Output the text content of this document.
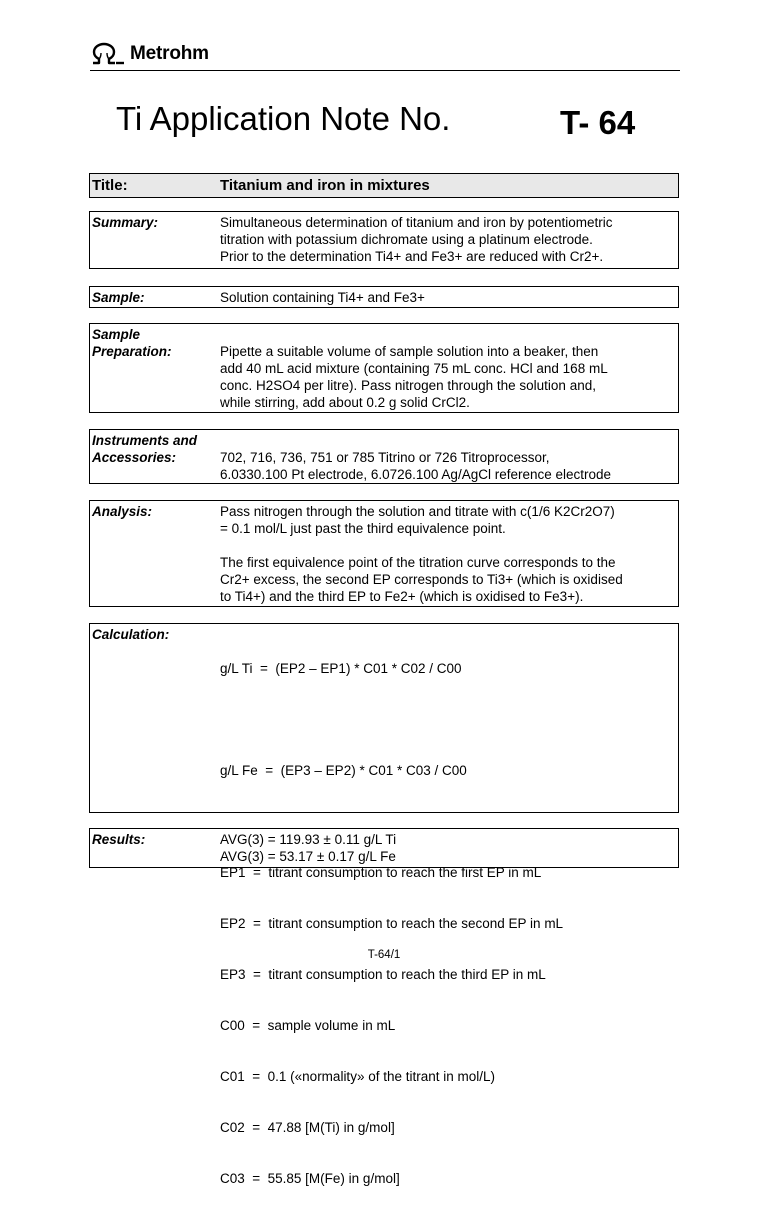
Metrohm
Ti Application Note No.	T- 64
Title:	Titanium and iron in mixtures
Summary:	Simultaneous determination of titanium and iron by potentiometric
titration with potassium dichromate using a platinum electrode.
Prior to the determination Ti4+ and Fe3+ are reduced with Cr2+.
Sample:	Solution containing Ti4+ and Fe3+
Sample
Preparation:	Pipette a suitable volume of sample solution into a beaker, then
add 40 mL acid mixture (containing 75 mL conc. HCl and 168 mL
conc. H2SO4 per litre). Pass nitrogen through the solution and,
while stirring, add about 0.2 g solid CrCl2.
Instruments and
Accessories:	702, 716, 736, 751 or 785 Titrino or 726 Titroprocessor,
6.0330.100 Pt electrode, 6.0726.100 Ag/AgCl reference electrode
Analysis:	Pass nitrogen through the solution and titrate with c(1/6 K2Cr2O7)
= 0.1 mol/L just past the third equivalence point.
The first equivalence point of the titration curve corresponds to the
Cr2+ excess, the second EP corresponds to Ti3+ (which is oxidised
to Ti4+) and the third EP to Fe2+ (which is oxidised to Fe3+).
Calculation:

g/L Ti  =  (EP2 – EP1) * C01 * C02 / C00

g/L Fe  =  (EP3 – EP2) * C01 * C03 / C00

EP1  =  titrant consumption to reach the first EP in mL

EP2  =  titrant consumption to reach the second EP in mL

EP3  =  titrant consumption to reach the third EP in mL

C00  =  sample volume in mL

C01  =  0.1 («normality» of the titrant in mol/L)

C02  =  47.88 [M(Ti) in g/mol]

C03  =  55.85 [M(Fe) in g/mol]

Results:	AVG(3) = 119.93 ± 0.11 g/L Ti
AVG(3) = 53.17 ± 0.17 g/L Fe
T-64/1
